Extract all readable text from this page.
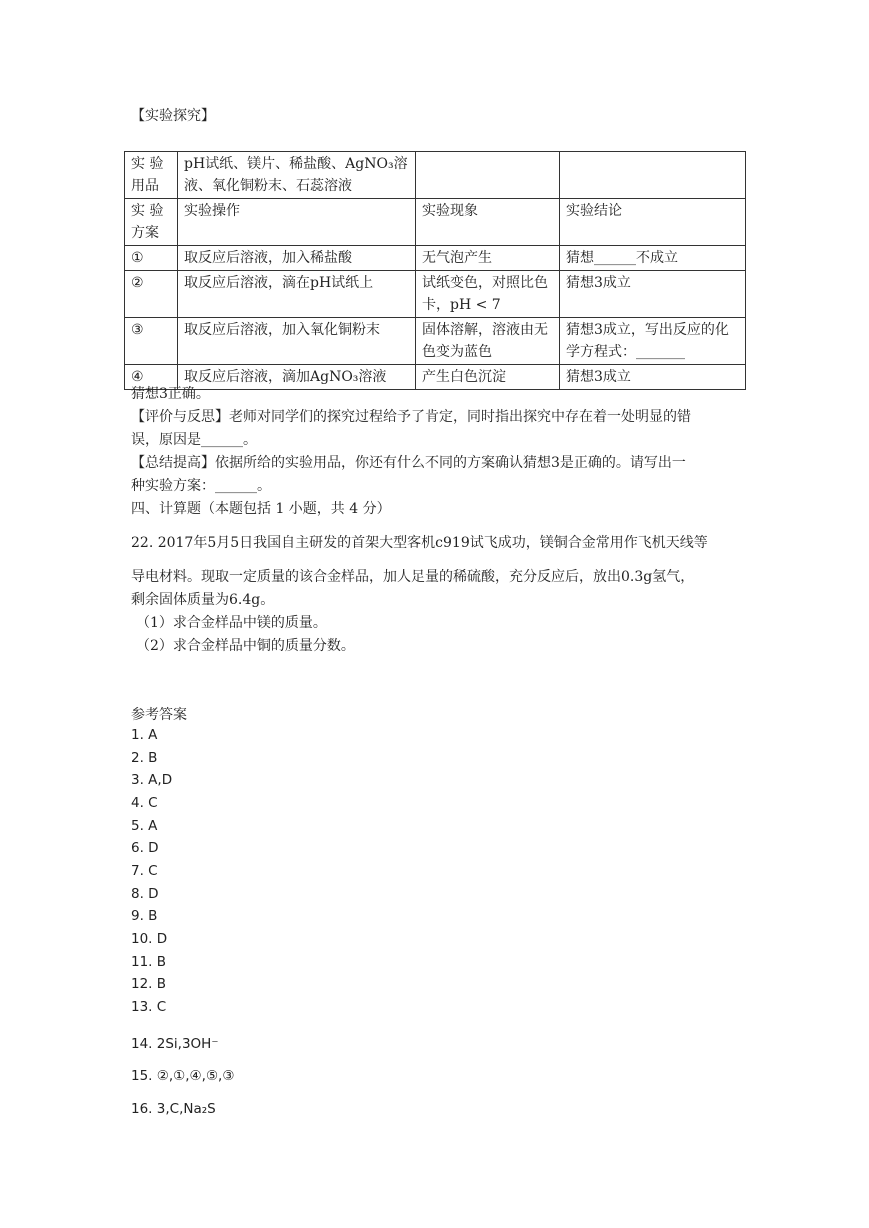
【实验探究】
实 验 用品	pH试纸、镁片、稀盐酸、AgNO₃溶液、氧化铜粉末、石蕊溶液		
实 验 方案	实验操作	实验现象	实验结论
①	取反应后溶液，加入稀盐酸	无气泡产生	猜想______不成立
②	取反应后溶液，滴在pH试纸上	试纸变色，对照比色卡，pH < 7	猜想3成立
③	取反应后溶液，加入氧化铜粉末	固体溶解，溶液由无色变为蓝色	猜想3成立，写出反应的化学方程式：_______
④	取反应后溶液，滴加AgNO₃溶液	产生白色沉淀	猜想3成立
猜想3正确。
【评价与反思】老师对同学们的探究过程给予了肯定，同时指出探究中存在着一处明显的错
误，原因是______。
【总结提高】依据所给的实验用品，你还有什么不同的方案确认猜想3是正确的。请写出一
种实验方案：______。
四、计算题（本题包括 1 小题，共 4 分）
22. 2017年5月5日我国自主研发的首架大型客机c919试飞成功，镁铜合金常用作飞机天线等
导电材料。现取一定质量的该合金样品，加人足量的稀硫酸，充分反应后，放出0.3g氢气，
剩余固体质量为6.4g。
（1）求合金样品中镁的质量。
（2）求合金样品中铜的质量分数。
参考答案
1. A
2. B
3. A,D
4. C
5. A
6. D
7. C
8. D
9. B
10. D
11. B
12. B
13. C
14. 2Si,3OH⁻
15. ②,①,④,⑤,③
16. 3,C,Na₂S
